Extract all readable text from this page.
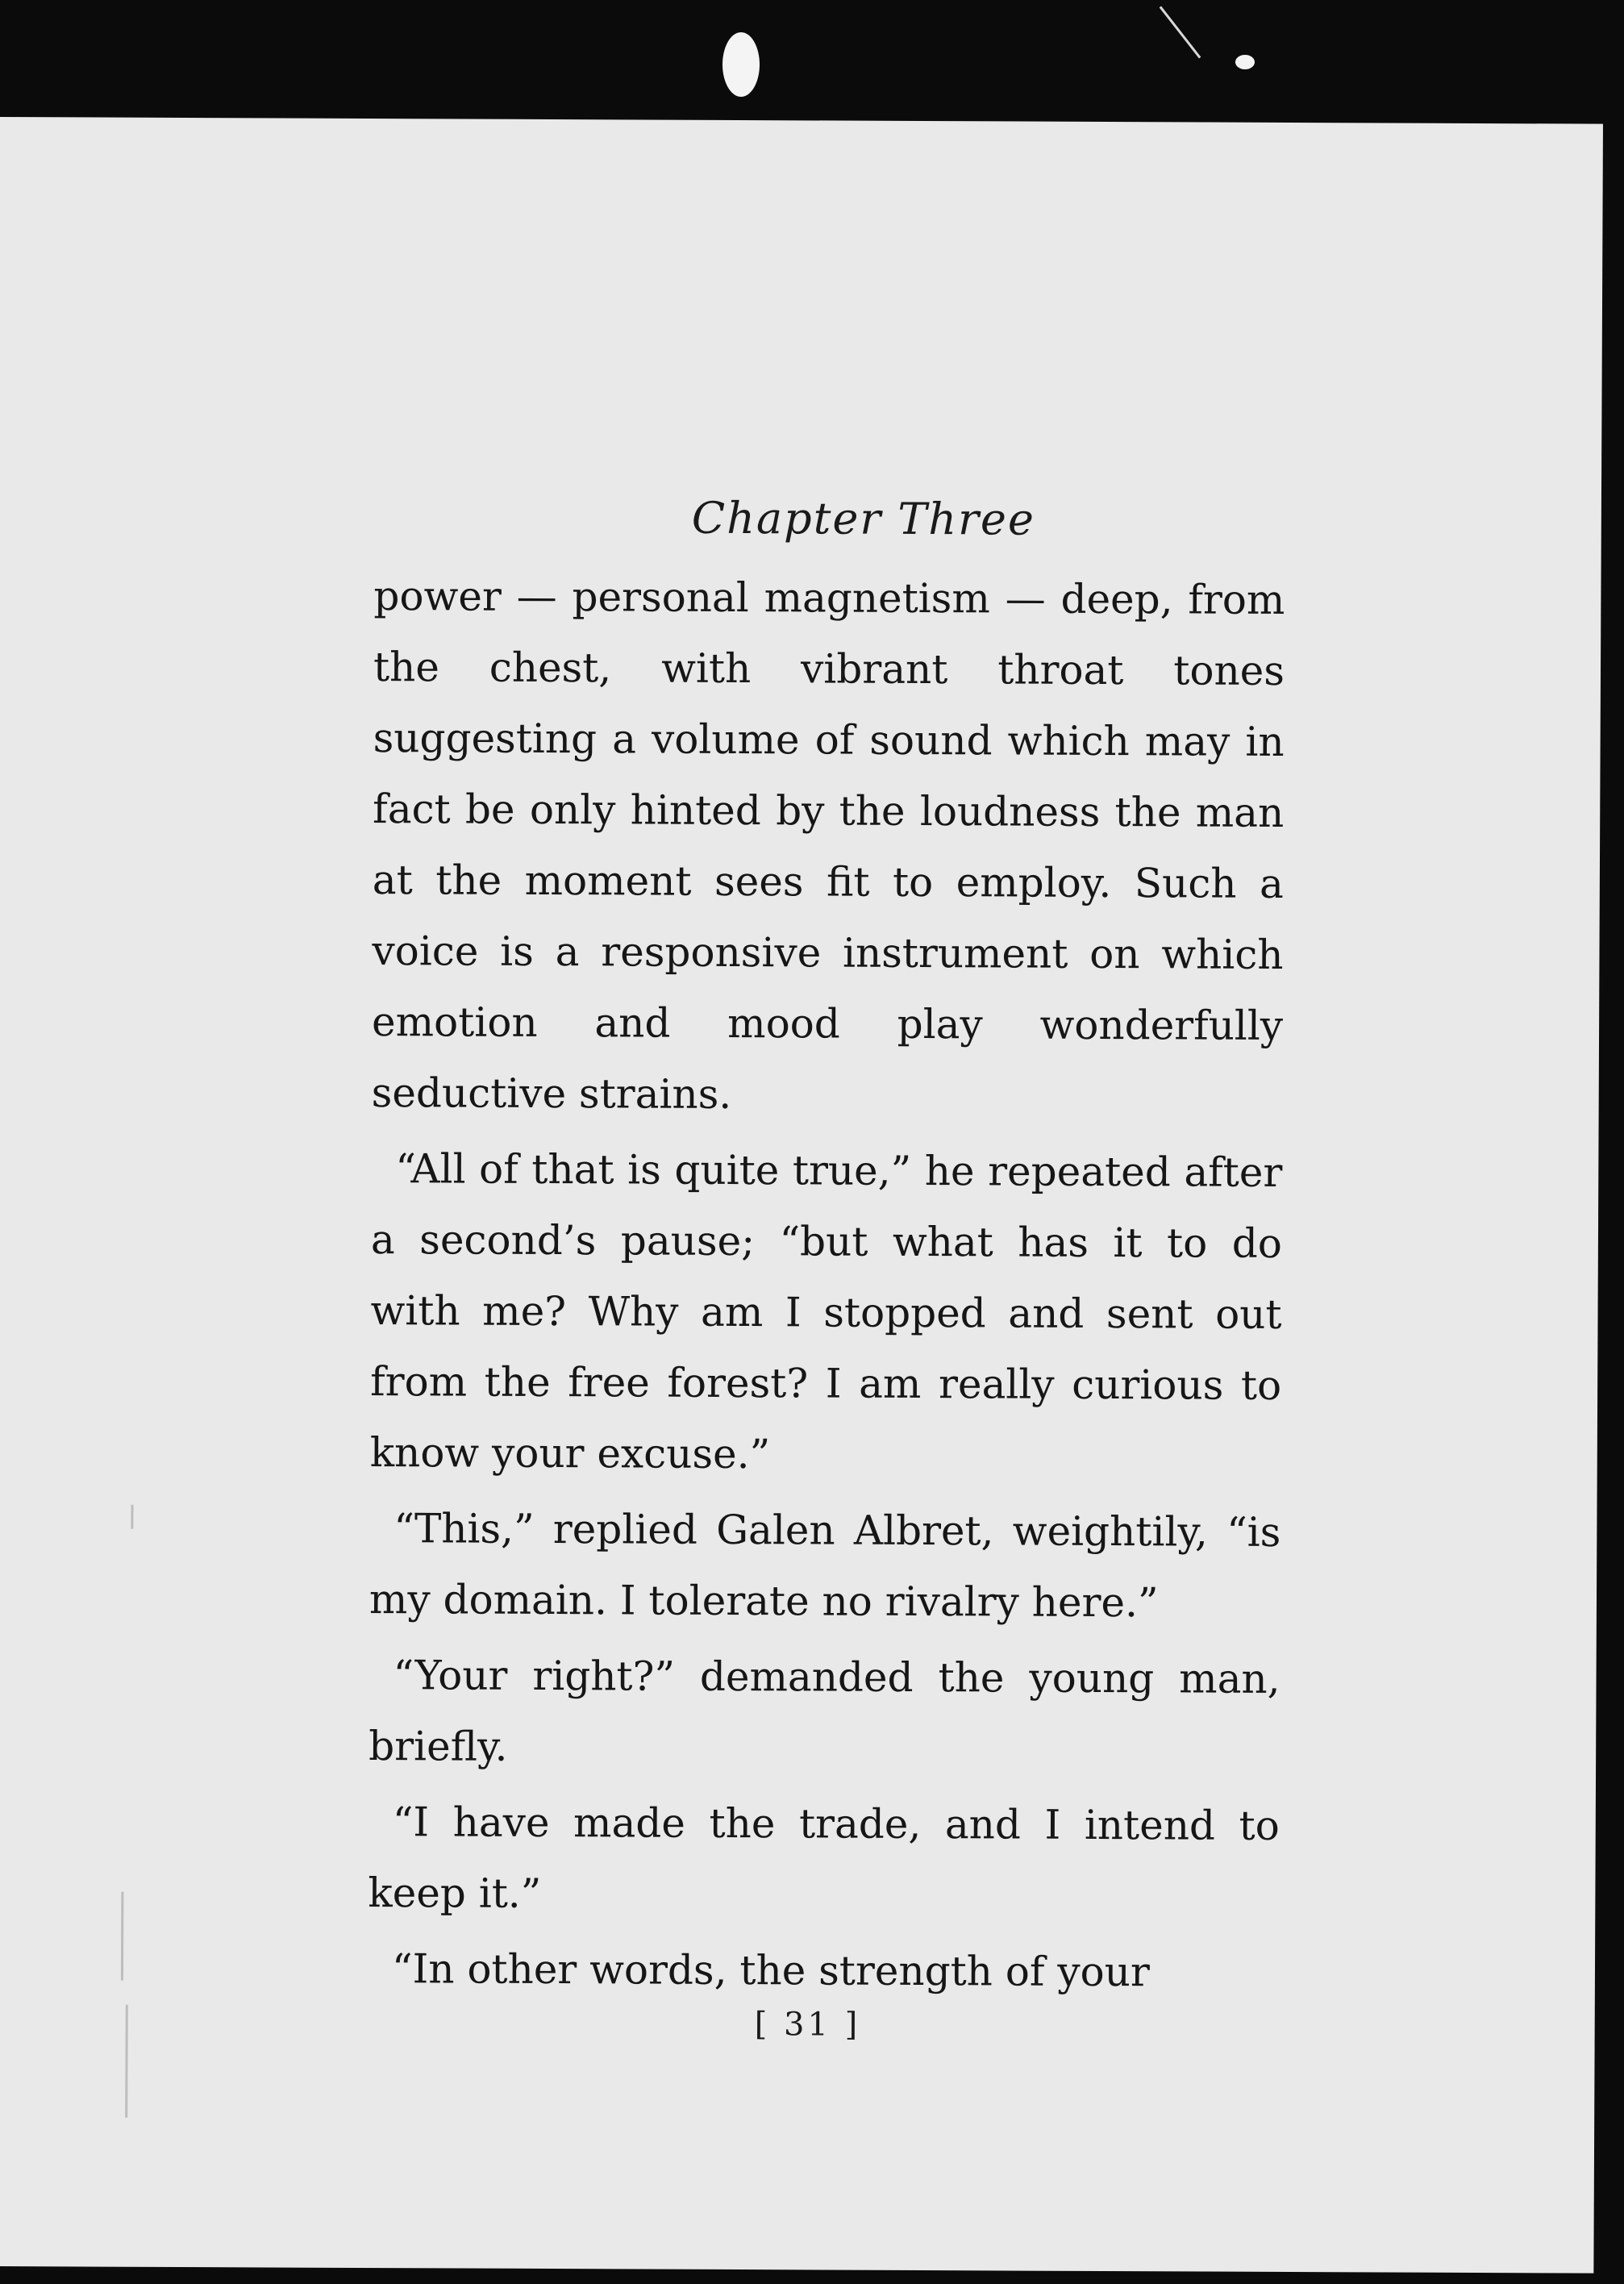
Chapter Three

power — personal magnetism — deep, from the chest, with vibrant throat tones suggesting a volume of sound which may in fact be only hinted by the loudness the man at the moment sees fit to employ. Such a voice is a responsive instrument on which emotion and mood play wonderfully seductive strains.

“All of that is quite true,” he repeated after a second’s pause; “but what has it to do with me? Why am I stopped and sent out from the free forest? I am really curious to know your excuse.”

“This,” replied Galen Albret, weightily, “is my domain. I tolerate no rivalry here.”

“Your right?” demanded the young man, briefly.

“I have made the trade, and I intend to keep it.”

“In other words, the strength of your

[ 31 ]
